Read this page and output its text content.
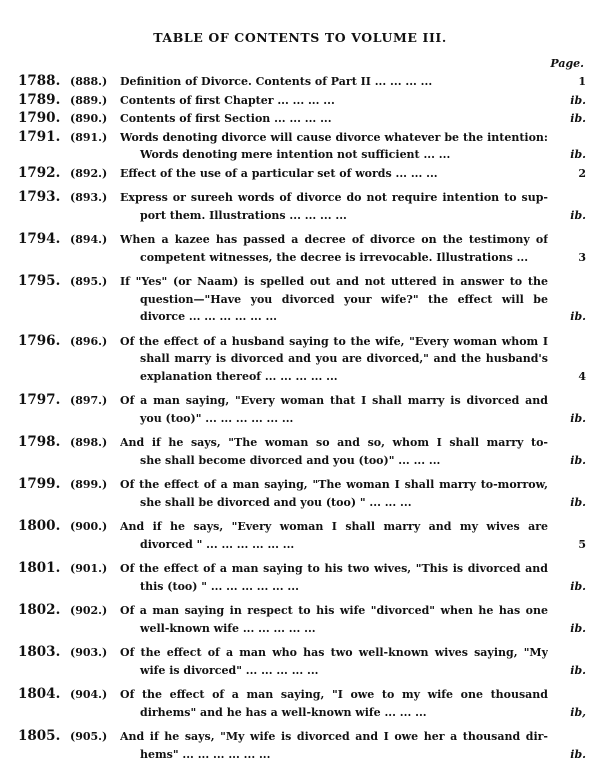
TABLE OF CONTENTS TO VOLUME III.
Page.
1788. (888.)	Definition of Divorce. Contents of Part II ... ... ... ...	1
1789. (889.)	Contents of first Chapter ... ... ... ...	ib.
1790. (890.)	Contents of first Section ... ... ... ...	ib.
1791. (891.)	Words denoting divorce will cause divorce whatever be the intention:
Words denoting mere intention not sufficient ... ...	ib.
1792. (892.)	Effect of the use of a particular set of words ... ... ...	2
1793. (893.)	Express or sureeh words of divorce do not require intention to sup-
port them. Illustrations ... ... ... ...	ib.
1794. (894.)	When a kazee has passed a decree of divorce on the testimony of
competent witnesses, the decree is irrevocable. Illustrations ...	3
1795. (895.)	If "Yes" (or Naam) is spelled out and not uttered in answer to the
question—"Have you divorced your wife?" the effect will be
divorce ... ... ... ... ... ...	ib.
1796. (896.)	Of the effect of a husband saying to the wife, "Every woman whom I
shall marry is divorced and you are divorced," and the husband's
explanation thereof ... ... ... ... ...	4
1797. (897.)	Of a man saying, "Every woman that I shall marry is divorced and
you (too)" ... ... ... ... ... ...	ib.
1798. (898.)	And if he says, "The woman so and so, whom I shall marry to-
she shall become divorced and you (too)" ... ... ...	ib.
1799. (899.)	Of the effect of a man saying, "The woman I shall marry to-morrow,
she shall be divorced and you (too) " ... ... ...	ib.
1800. (900.)	And if he says, "Every woman I shall marry and my wives are
divorced " ... ... ... ... ... ...	5
1801. (901.)	Of the effect of a man saying to his two wives, "This is divorced and
this (too) " ... ... ... ... ... ...	ib.
1802. (902.)	Of a man saying in respect to his wife "divorced" when he has one
well-known wife ... ... ... ... ...	ib.
1803. (903.)	Of the effect of a man who has two well-known wives saying, "My
wife is divorced" ... ... ... ... ...	ib.
1804. (904.)	Of the effect of a man saying, "I owe to my wife one thousand
dirhems" and he has a well-known wife ... ... ...	ib,
1805. (905.)	And if he says, "My wife is divorced and I owe her a thousand dir-
hems" ... ... ... ... ... ...	ib.
